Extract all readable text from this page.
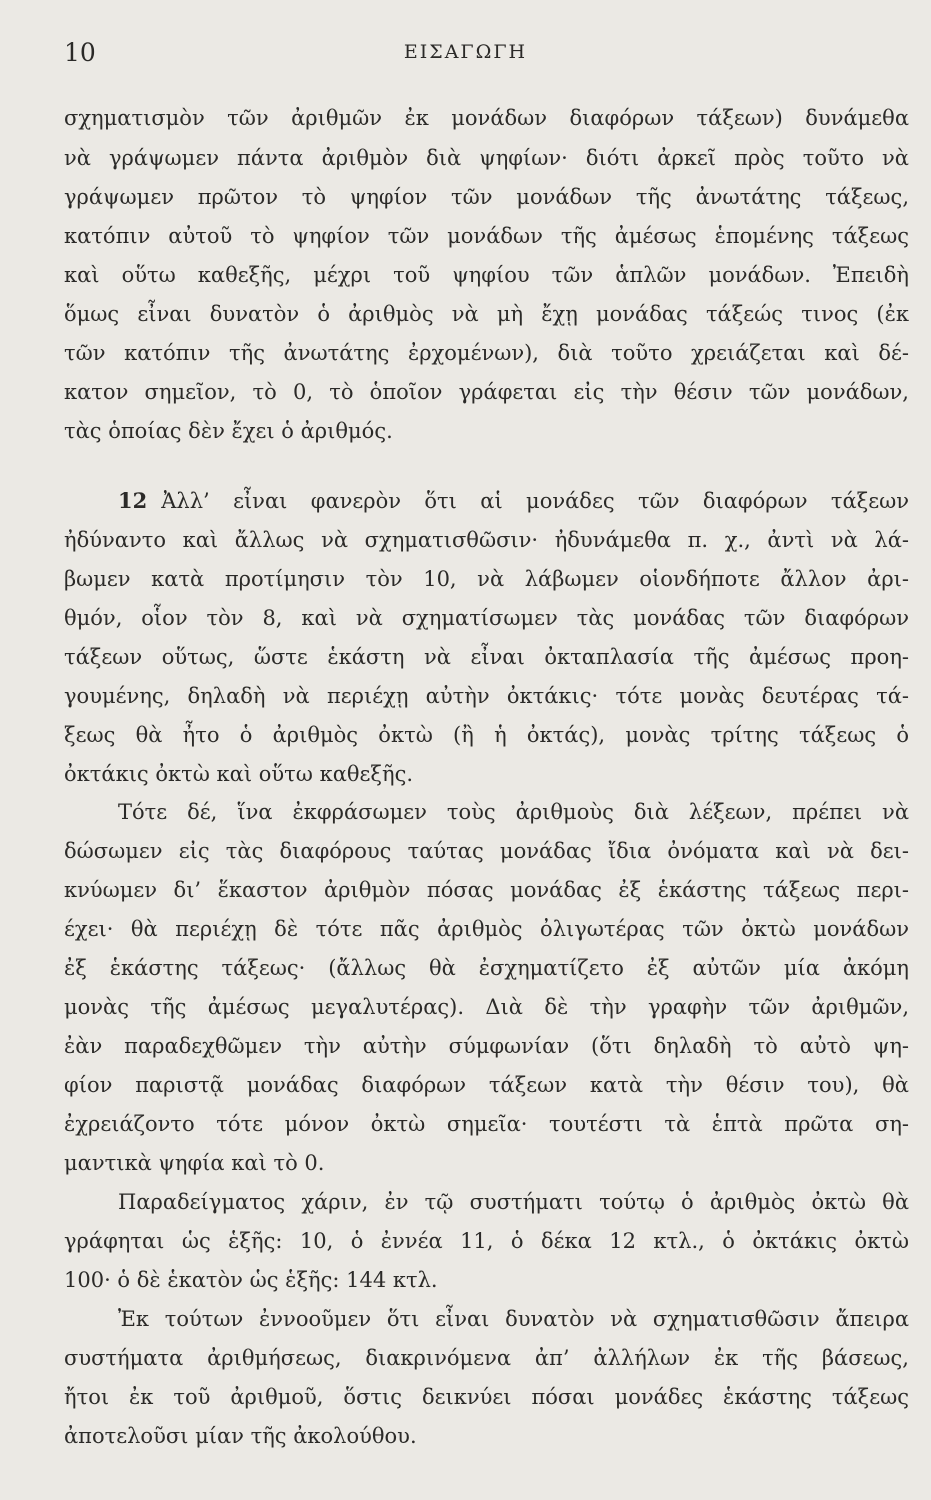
10	ΕΙΣΑΓΩΓΗ
σχηματισμὸν τῶν ἀριθμῶν ἐκ μονάδων διαφόρων τάξεων) δυνάμεθα
νὰ γράψωμεν πάντα ἀριθμὸν διὰ ψηφίων· διότι ἀρκεῖ πρὸς τοῦτο νὰ
γράψωμεν πρῶτον τὸ ψηφίον τῶν μονάδων τῆς ἀνωτάτης τάξεως,
κατόπιν αὐτοῦ τὸ ψηφίον τῶν μονάδων τῆς ἀμέσως ἑπομένης τάξεως
καὶ οὕτω καθεξῆς, μέχρι τοῦ ψηφίου τῶν ἁπλῶν μονάδων. Ἐπειδὴ
ὅμως εἶναι δυνατὸν ὁ ἀριθμὸς νὰ μὴ ἔχῃ μονάδας τάξεώς τινος (ἐκ
τῶν κατόπιν τῆς ἀνωτάτης ἐρχομένων), διὰ τοῦτο χρειάζεται καὶ δέ-
κατον σημεῖον, τὸ 0, τὸ ὁποῖον γράφεται εἰς τὴν θέσιν τῶν μονάδων,
τὰς ὁποίας δὲν ἔχει ὁ ἀριθμός.
12 Ἀλλ’ εἶναι φανερὸν ὅτι αἱ μονάδες τῶν διαφόρων τάξεων
ἠδύναντο καὶ ἄλλως νὰ σχηματισθῶσιν· ἠδυνάμεθα π. χ., ἀντὶ νὰ λά-
βωμεν κατὰ προτίμησιν τὸν 10, νὰ λάβωμεν οἱονδήποτε ἄλλον ἀρι-
θμόν, οἷον τὸν 8, καὶ νὰ σχηματίσωμεν τὰς μονάδας τῶν διαφόρων
τάξεων οὕτως, ὥστε ἑκάστη νὰ εἶναι ὀκταπλασία τῆς ἀμέσως προη-
γουμένης, δηλαδὴ νὰ περιέχῃ αὐτὴν ὀκτάκις· τότε μονὰς δευτέρας τά-
ξεως θὰ ἦτο ὁ ἀριθμὸς ὀκτὼ (ἢ ἡ ὀκτάς), μονὰς τρίτης τάξεως ὁ
ὀκτάκις ὀκτὼ καὶ οὕτω καθεξῆς.
Τότε δέ, ἵνα ἐκφράσωμεν τοὺς ἀριθμοὺς διὰ λέξεων, πρέπει νὰ
δώσωμεν εἰς τὰς διαφόρους ταύτας μονάδας ἴδια ὀνόματα καὶ νὰ δει-
κνύωμεν δι’ ἕκαστον ἀριθμὸν πόσας μονάδας ἐξ ἑκάστης τάξεως περι-
έχει· θὰ περιέχῃ δὲ τότε πᾶς ἀριθμὸς ὀλιγωτέρας τῶν ὀκτὼ μονάδων
ἐξ ἑκάστης τάξεως· (ἄλλως θὰ ἐσχηματίζετο ἐξ αὐτῶν μία ἀκόμη
μονὰς τῆς ἀμέσως μεγαλυτέρας). Διὰ δὲ τὴν γραφὴν τῶν ἀριθμῶν,
ἐὰν παραδεχθῶμεν τὴν αὐτὴν σύμφωνίαν (ὅτι δηλαδὴ τὸ αὐτὸ ψη-
φίον παριστᾷ μονάδας διαφόρων τάξεων κατὰ τὴν θέσιν του), θὰ
ἐχρειάζοντο τότε μόνον ὀκτὼ σημεῖα· τουτέστι τὰ ἑπτὰ πρῶτα ση-
μαντικὰ ψηφία καὶ τὸ 0.
Παραδείγματος χάριν, ἐν τῷ συστήματι τούτῳ ὁ ἀριθμὸς ὀκτὼ θὰ
γράφηται ὡς ἑξῆς: 10, ὁ ἐννέα 11, ὁ δέκα 12 κτλ., ὁ ὀκτάκις ὀκτὼ
100· ὁ δὲ ἑκατὸν ὡς ἑξῆς: 144 κτλ.
Ἐκ τούτων ἐννοοῦμεν ὅτι εἶναι δυνατὸν νὰ σχηματισθῶσιν ἄπειρα
συστήματα ἀριθμήσεως, διακρινόμενα ἀπ’ ἀλλήλων ἐκ τῆς βάσεως,
ἤτοι ἐκ τοῦ ἀριθμοῦ, ὅστις δεικνύει πόσαι μονάδες ἑκάστης τάξεως
ἀποτελοῦσι μίαν τῆς ἀκολούθου.
